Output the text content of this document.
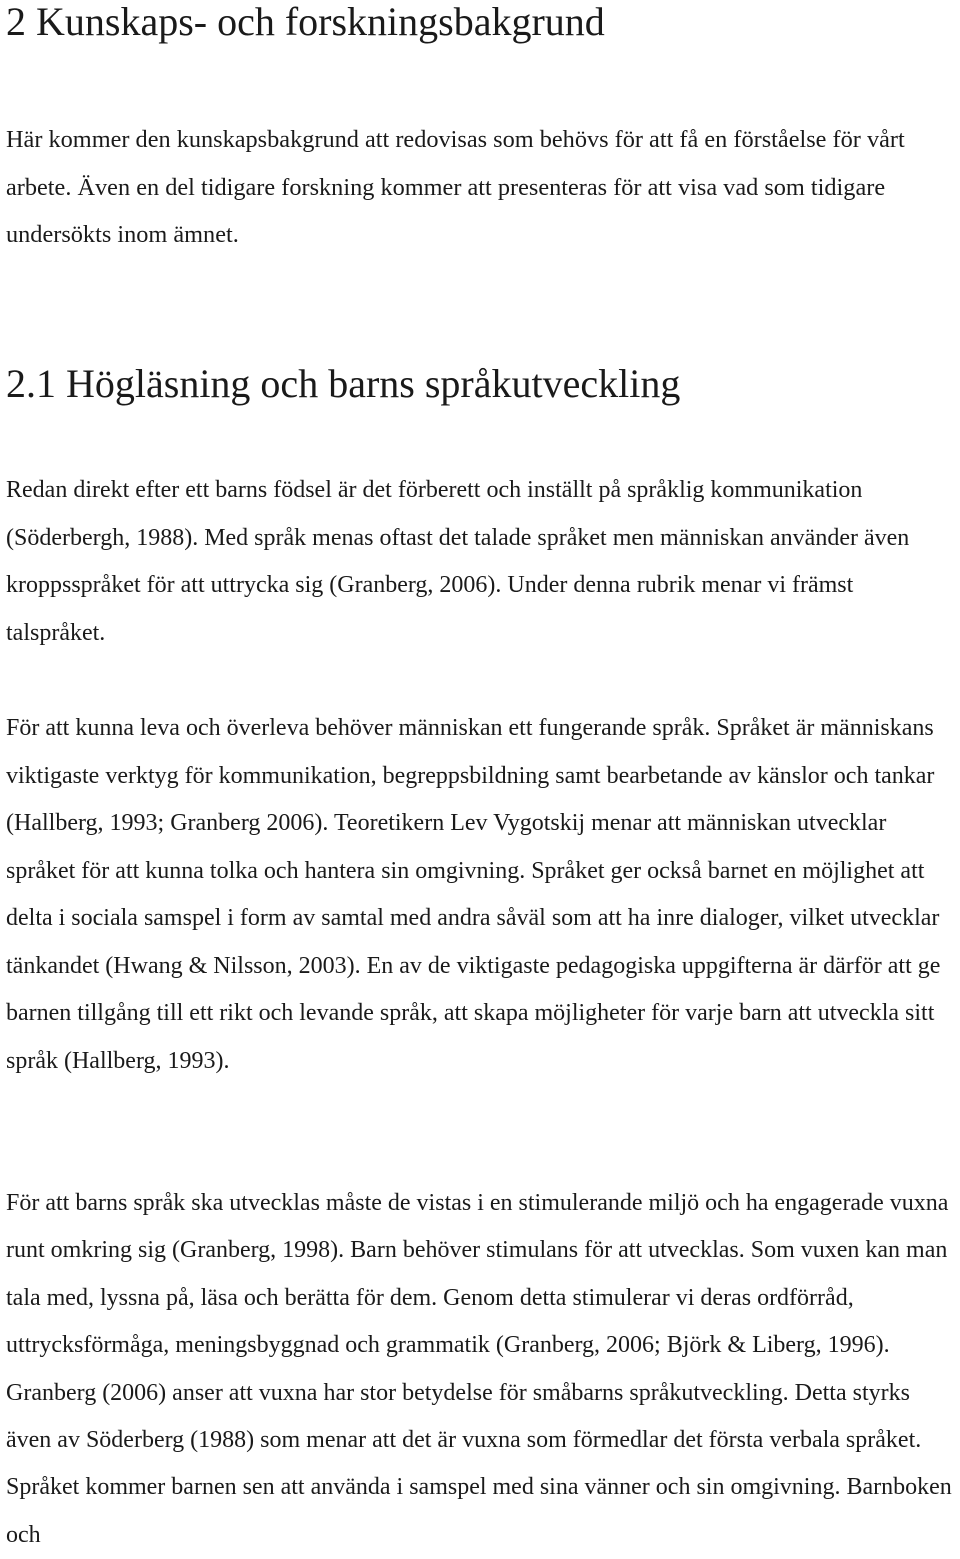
2 Kunskaps- och forskningsbakgrund

Här kommer den kunskapsbakgrund att redovisas som behövs för att få en förståelse för vårt arbete. Även en del tidigare forskning kommer att presenteras för att visa vad som tidigare undersökts inom ämnet.

2.1 Högläsning och barns språkutveckling

Redan direkt efter ett barns födsel är det förberett och inställt på språklig kommunikation (Söderbergh, 1988). Med språk menas oftast det talade språket men människan använder även kroppsspråket för att uttrycka sig (Granberg, 2006). Under denna rubrik menar vi främst talspråket.

För att kunna leva och överleva behöver människan ett fungerande språk. Språket är människans viktigaste verktyg för kommunikation, begreppsbildning samt bearbetande av känslor och tankar (Hallberg, 1993; Granberg 2006). Teoretikern Lev Vygotskij menar att människan utvecklar språket för att kunna tolka och hantera sin omgivning. Språket ger också barnet en möjlighet att delta i sociala samspel i form av samtal med andra såväl som att ha inre dialoger, vilket utvecklar tänkandet (Hwang & Nilsson, 2003). En av de viktigaste pedagogiska uppgifterna är därför att ge barnen tillgång till ett rikt och levande språk, att skapa möjligheter för varje barn att utveckla sitt språk (Hallberg, 1993).

För att barns språk ska utvecklas måste de vistas i en stimulerande miljö och ha engagerade vuxna runt omkring sig (Granberg, 1998). Barn behöver stimulans för att utvecklas. Som vuxen kan man tala med, lyssna på, läsa och berätta för dem. Genom detta stimulerar vi deras ordförråd, uttrycksförmåga, meningsbyggnad och grammatik (Granberg, 2006; Björk & Liberg, 1996). Granberg (2006) anser att vuxna har stor betydelse för småbarns språkutveckling. Detta styrks även av Söderberg (1988) som menar att det är vuxna som förmedlar det första verbala språket. Språket kommer barnen sen att använda i samspel med sina vänner och sin omgivning. Barnboken och
